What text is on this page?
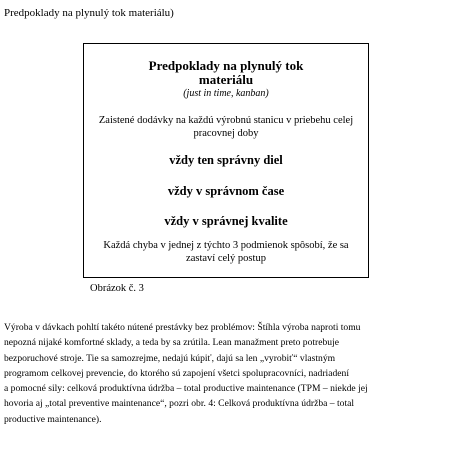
Predpoklady na plynulý tok materiálu)
Predpoklady na plynulý tok
materiálu
(just in time, kanban)
Zaistené dodávky na každú výrobnú stanicu v priebehu celej
pracovnej doby
vždy ten správny diel
vždy v správnom čase
vždy v správnej kvalite
Každá chyba v jednej z týchto 3 podmienok spôsobí, že sa
zastaví celý postup
Obrázok č. 3
Výroba v dávkach pohltí takéto nútené prestávky bez problémov: Štíhla výroba naproti tomu
nepozná nijaké komfortné sklady, a teda by sa zrútila. Lean manažment preto potrebuje
bezporuchové stroje. Tie sa samozrejme, nedajú kúpiť, dajú sa len „vyrobiť“ vlastným
programom celkovej prevencie, do ktorého sú zapojení všetci spolupracovníci, nadriadení
a pomocné sily: celková produktívna údržba – total productive maintenance (TPM – niekde jej
hovoria aj „total preventive maintenance“, pozri obr. 4: Celková produktívna údržba – total
productive maintenance).
